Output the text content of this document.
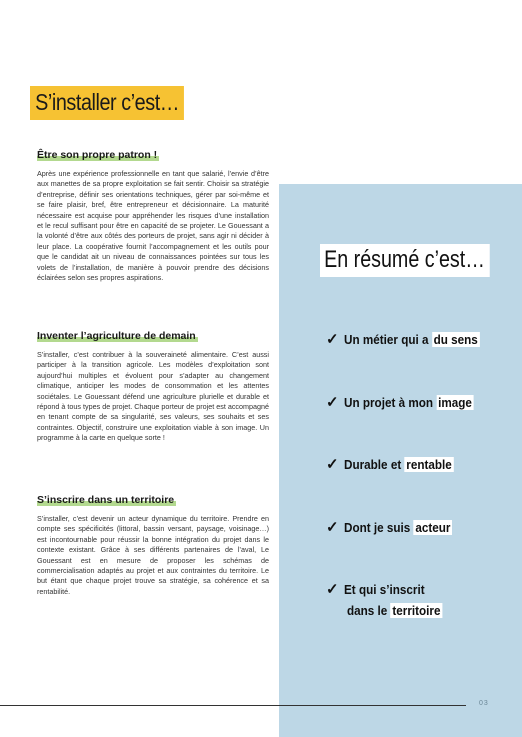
S’installer c’est…
Être son propre patron !

Après une expérience professionnelle en tant que salarié, l’envie d’être aux manettes de sa propre exploitation se fait sentir. Choisir sa stratégie d’entreprise, définir ses orientations techniques, gérer par soi-même et se faire plaisir, bref, être entrepreneur et décisionnaire. La maturité nécessaire est acquise pour appréhender les risques d’une installation et le recul suffisant pour être en capacité de se projeter. Le Gouessant a la volonté d’être aux côtés des porteurs de projet, sans agir ni décider à leur place. La coopérative fournit l’accompagnement et les outils pour que le candidat ait un niveau de connaissances pointées sur tous les volets de l’installation, de manière à pouvoir prendre des décisions éclairées selon ses propres aspirations.

Inventer l’agriculture de demain

S’installer, c’est contribuer à la souveraineté alimentaire. C’est aussi participer à la transition agricole. Les modèles d’exploitation sont aujourd’hui multiples et évoluent pour s’adapter au changement climatique, anticiper les modes de consommation et les attentes sociétales. Le Gouessant défend une agriculture plurielle et durable et répond à tous types de projet. Chaque porteur de projet est accompagné en tenant compte de sa singularité, ses valeurs, ses souhaits et ses contraintes. Objectif, construire une exploitation viable à son image. Un programme à la carte en quelque sorte !

S’inscrire dans un territoire

S’installer, c’est devenir un acteur dynamique du territoire. Prendre en compte ses spécificités (littoral, bassin versant, paysage, voisinage…) est incontournable pour réussir la bonne intégration du projet dans le contexte existant. Grâce à ses différents partenaires de l’aval, Le Gouessant est en mesure de proposer les schémas de commercialisation adaptés au projet et aux contraintes du territoire. Le but étant que chaque projet trouve sa stratégie, sa cohérence et sa rentabilité.

En résumé c’est…
✓ Un métier qui a du sens
✓ Un projet à mon image
✓ Durable et rentable
✓ Dont je suis acteur
✓ Et qui s’inscrit
dans le territoire
03
